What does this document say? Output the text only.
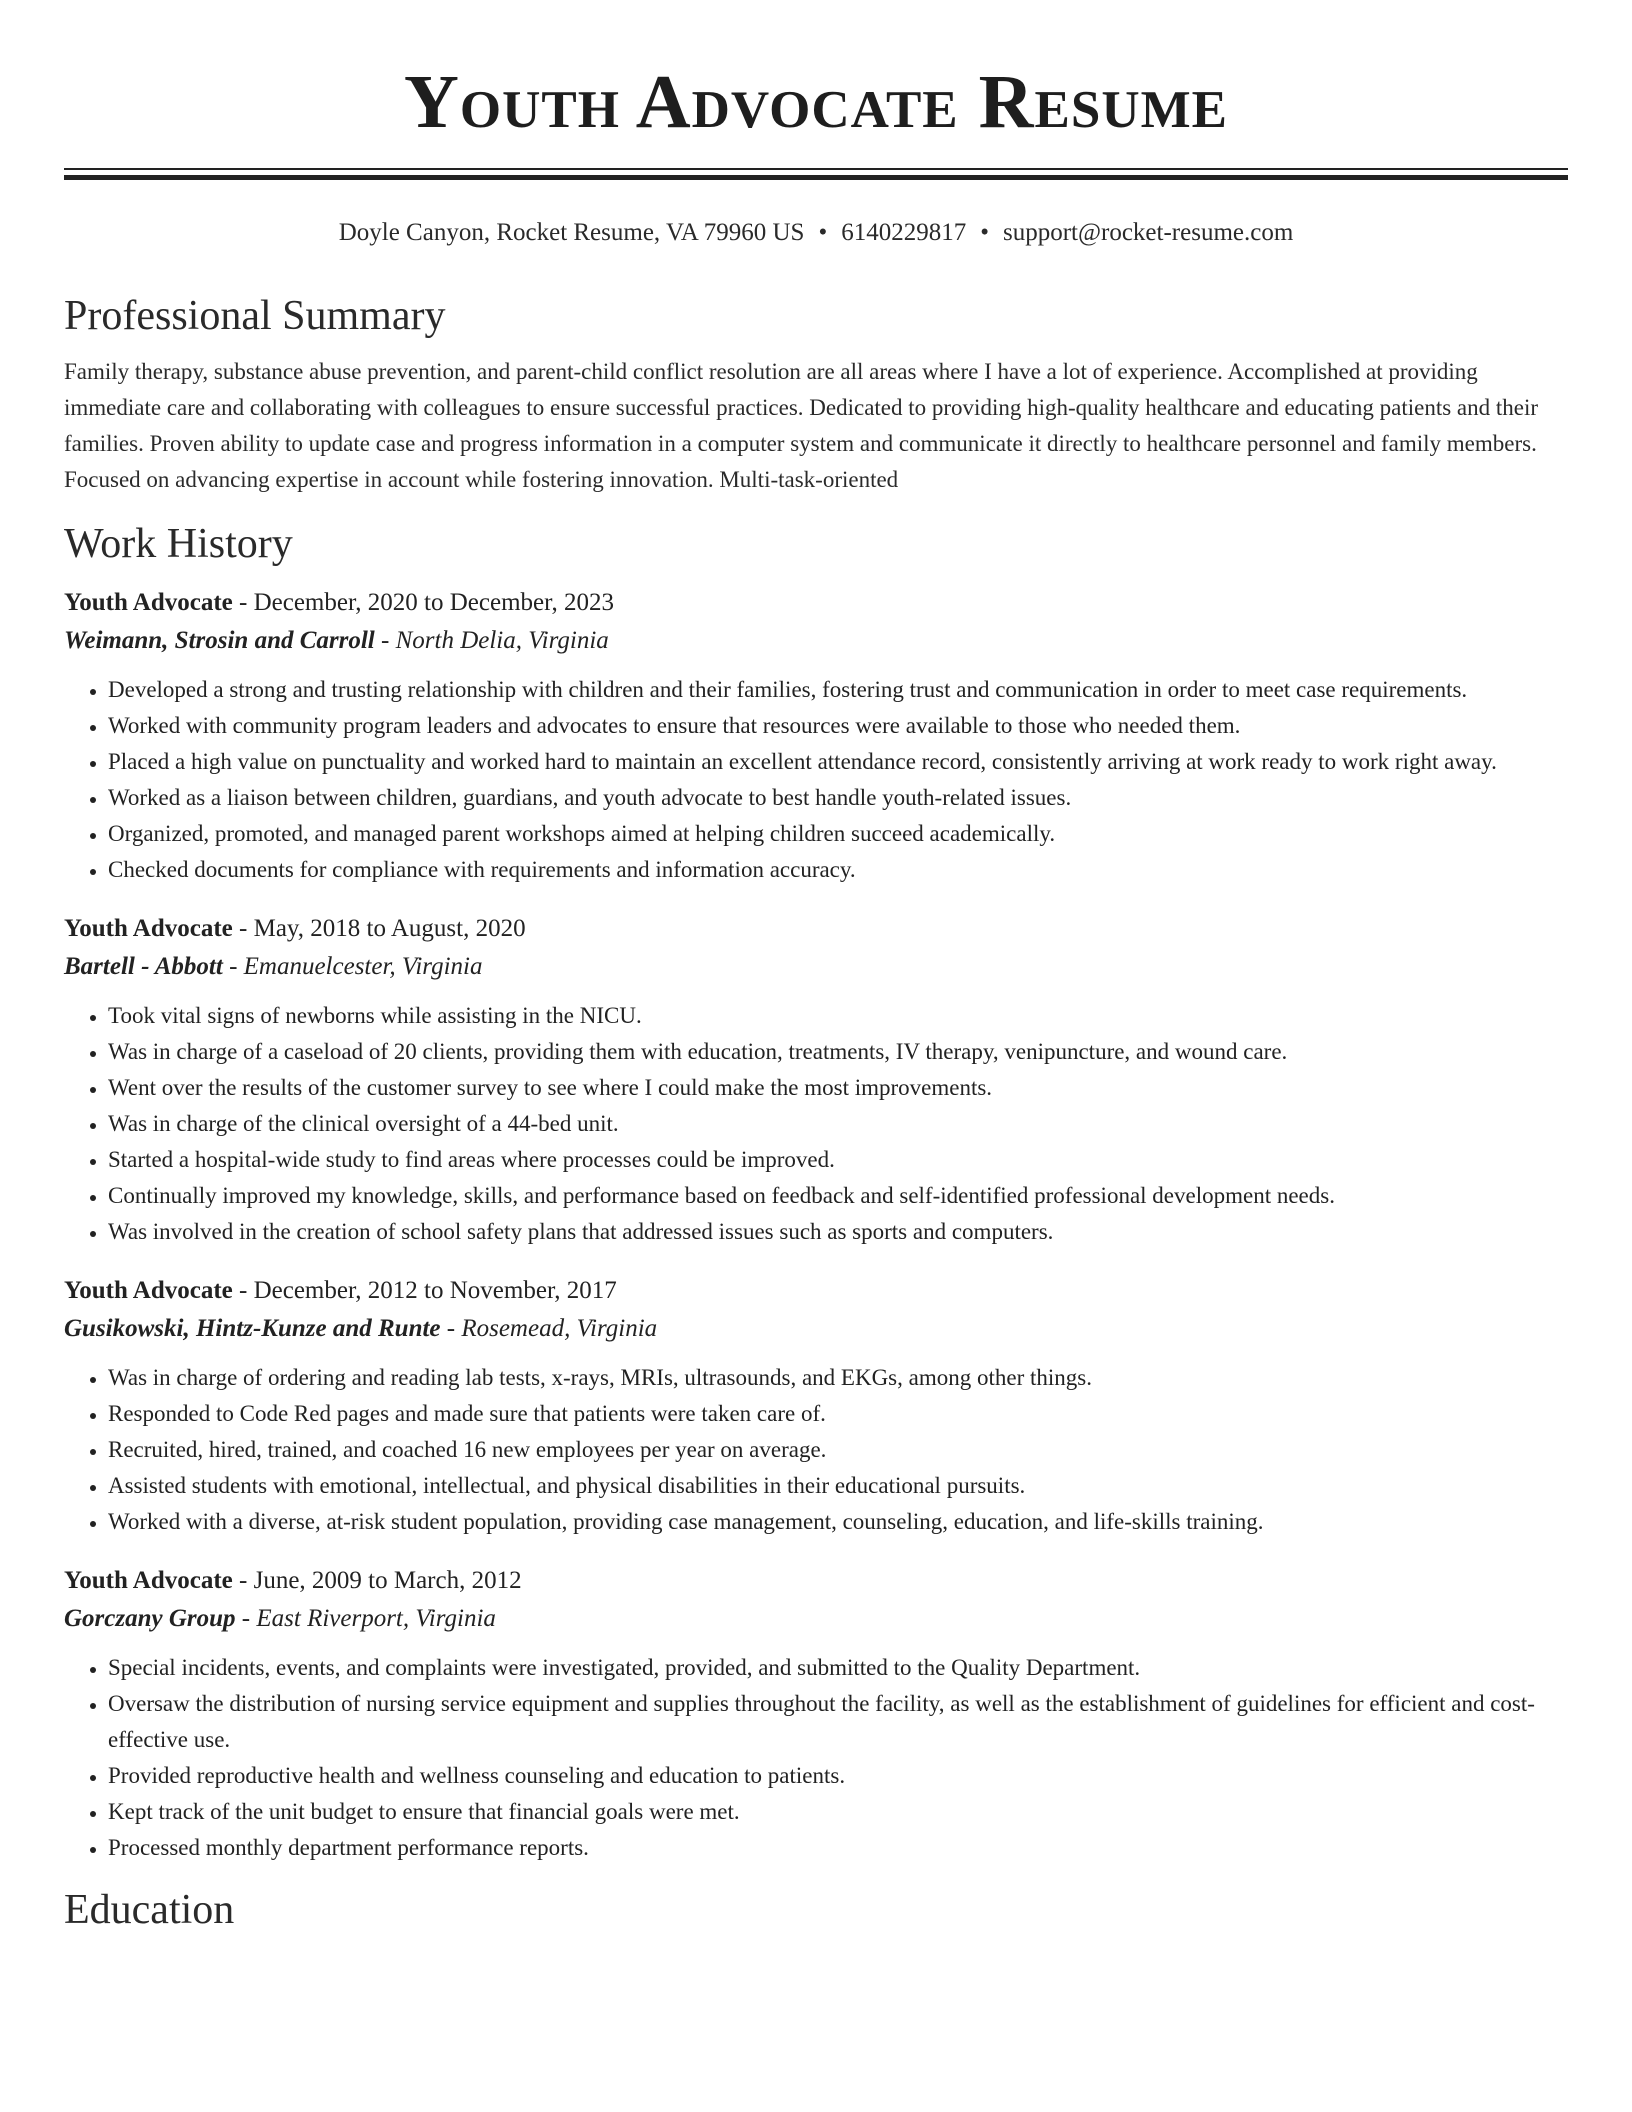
Youth Advocate Resume
Doyle Canyon, Rocket Resume, VA 79960 US • 6140229817 • support@rocket-resume.com
Professional Summary
Family therapy, substance abuse prevention, and parent-child conflict resolution are all areas where I have a lot of experience. Accomplished at providing immediate care and collaborating with colleagues to ensure successful practices. Dedicated to providing high-quality healthcare and educating patients and their families. Proven ability to update case and progress information in a computer system and communicate it directly to healthcare personnel and family members. Focused on advancing expertise in account while fostering innovation. Multi-task-oriented
Work History
Youth Advocate - December, 2020 to December, 2023
Weimann, Strosin and Carroll - North Delia, Virginia
• Developed a strong and trusting relationship with children and their families, fostering trust and communication in order to meet case requirements.
• Worked with community program leaders and advocates to ensure that resources were available to those who needed them.
• Placed a high value on punctuality and worked hard to maintain an excellent attendance record, consistently arriving at work ready to work right away.
• Worked as a liaison between children, guardians, and youth advocate to best handle youth-related issues.
• Organized, promoted, and managed parent workshops aimed at helping children succeed academically.
• Checked documents for compliance with requirements and information accuracy.
Youth Advocate - May, 2018 to August, 2020
Bartell - Abbott - Emanuelcester, Virginia
• Took vital signs of newborns while assisting in the NICU.
• Was in charge of a caseload of 20 clients, providing them with education, treatments, IV therapy, venipuncture, and wound care.
• Went over the results of the customer survey to see where I could make the most improvements.
• Was in charge of the clinical oversight of a 44-bed unit.
• Started a hospital-wide study to find areas where processes could be improved.
• Continually improved my knowledge, skills, and performance based on feedback and self-identified professional development needs.
• Was involved in the creation of school safety plans that addressed issues such as sports and computers.
Youth Advocate - December, 2012 to November, 2017
Gusikowski, Hintz-Kunze and Runte - Rosemead, Virginia
• Was in charge of ordering and reading lab tests, x-rays, MRIs, ultrasounds, and EKGs, among other things.
• Responded to Code Red pages and made sure that patients were taken care of.
• Recruited, hired, trained, and coached 16 new employees per year on average.
• Assisted students with emotional, intellectual, and physical disabilities in their educational pursuits.
• Worked with a diverse, at-risk student population, providing case management, counseling, education, and life-skills training.
Youth Advocate - June, 2009 to March, 2012
Gorczany Group - East Riverport, Virginia
• Special incidents, events, and complaints were investigated, provided, and submitted to the Quality Department.
• Oversaw the distribution of nursing service equipment and supplies throughout the facility, as well as the establishment of guidelines for efficient and cost-effective use.
• Provided reproductive health and wellness counseling and education to patients.
• Kept track of the unit budget to ensure that financial goals were met.
• Processed monthly department performance reports.
Education
